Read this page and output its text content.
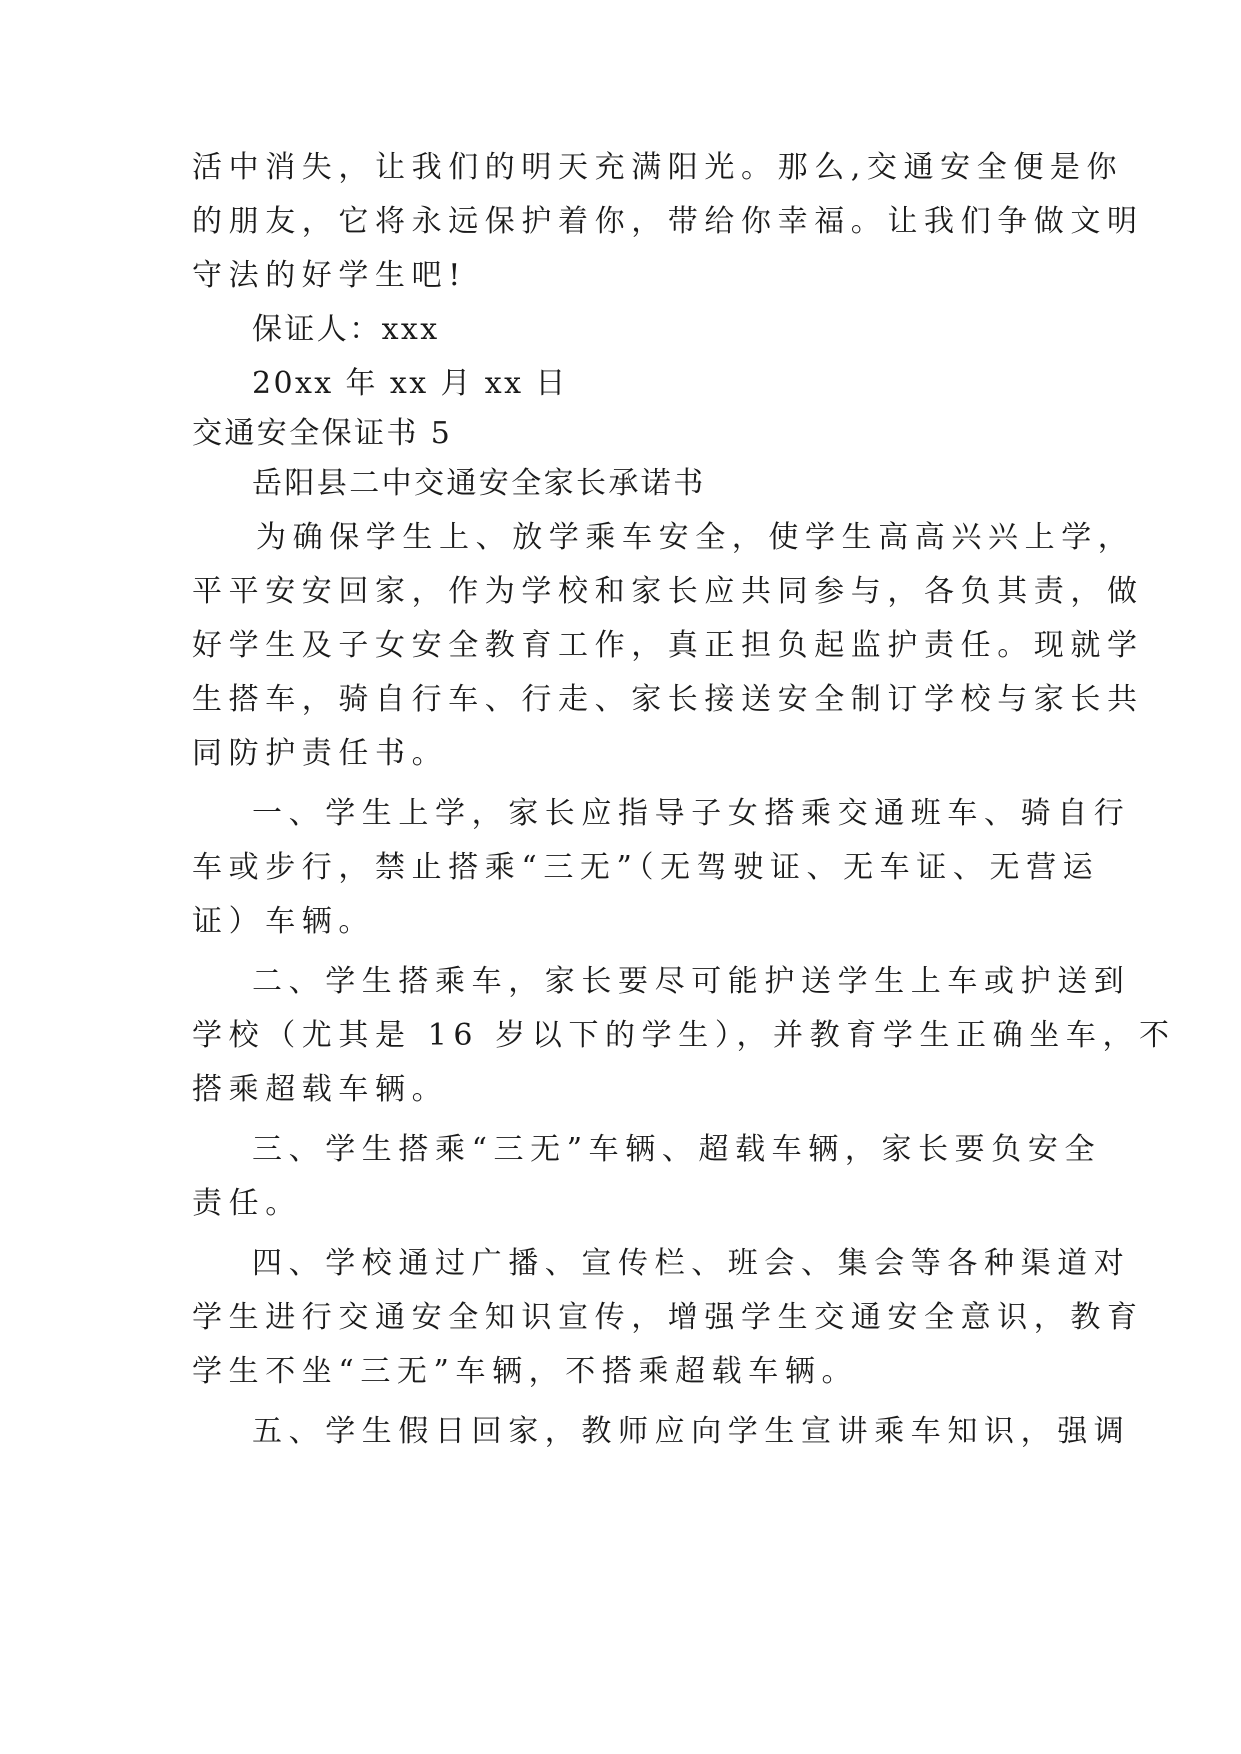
活中消失，让我们的明天充满阳光。那么,交通安全便是你
的朋友，它将永远保护着你，带给你幸福。让我们争做文明
守法的好学生吧!
保证人：xxx
20xx 年 xx 月 xx 日
交通安全保证书 5
岳阳县二中交通安全家长承诺书
为确保学生上、放学乘车安全，使学生高高兴兴上学，
平平安安回家，作为学校和家长应共同参与，各负其责，做
好学生及子女安全教育工作，真正担负起监护责任。现就学
生搭车，骑自行车、行走、家长接送安全制订学校与家长共
同防护责任书。
一、学生上学，家长应指导子女搭乘交通班车、骑自行
车或步行，禁止搭乘“三无”（无驾驶证、无车证、无营运
证）车辆。
二、学生搭乘车，家长要尽可能护送学生上车或护送到
学校（尤其是 16 岁以下的学生），并教育学生正确坐车，不
搭乘超载车辆。
三、学生搭乘“三无”车辆、超载车辆，家长要负安全
责任。
四、学校通过广播、宣传栏、班会、集会等各种渠道对
学生进行交通安全知识宣传，增强学生交通安全意识，教育
学生不坐“三无”车辆，不搭乘超载车辆。
五、学生假日回家，教师应向学生宣讲乘车知识，强调
